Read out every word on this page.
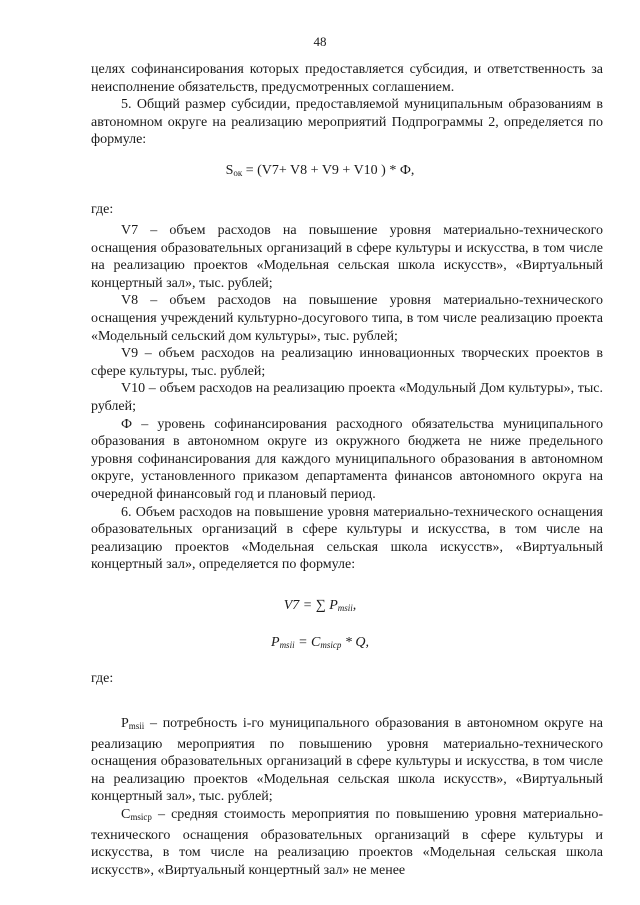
48

целях софинансирования которых предоставляется субсидия, и ответственность за неисполнение обязательств, предусмотренных соглашением.

5. Общий размер субсидии, предоставляемой муниципальным образованиям в автономном округе на реализацию мероприятий Подпрограммы 2, определяется по формуле:

$S_{ок} = (V7+ V8 + V9 + V10$ ) * Ф,
где:

V7 – объем расходов на повышение уровня материально-технического оснащения образовательных организаций в сфере культуры и искусства, в том числе на реализацию проектов «Модельная сельская школа искусств», «Виртуальный концертный зал», тыс. рублей;

V8 – объем расходов на повышение уровня материально-технического оснащения учреждений культурно-досугового типа, в том числе реализацию проекта «Модельный сельский дом культуры», тыс. рублей;

V9 – объем расходов на реализацию инновационных творческих проектов в сфере культуры, тыс. рублей;

V10 – объем расходов на реализацию проекта «Модульный Дом культуры», тыс. рублей;

Ф – уровень софинансирования расходного обязательства муниципального образования в автономном округе из окружного бюджета не ниже предельного уровня софинансирования для каждого муниципального образования в автономном округе, установленного приказом департамента финансов автономного округа на очередной финансовый год и плановый период.

6. Объем расходов на повышение уровня материально-технического оснащения образовательных организаций в сфере культуры и искусства, в том числе на реализацию проектов «Модельная сельская школа искусств», «Виртуальный концертный зал», определяется по формуле:

V7 = ∑ $P_{msii}$,
$P_{msii} = C_{msicp} * Q$,
где:

$P_{msii}$ – потребность i-го муниципального образования в автономном округе на реализацию мероприятия по повышению уровня материально-технического оснащения образовательных организаций в сфере культуры и искусства, в том числе на реализацию проектов «Модельная сельская школа искусств», «Виртуальный концертный зал», тыс. рублей;

$C_{msicp}$ – средняя стоимость мероприятия по повышению уровня материально-технического оснащения образовательных организаций в сфере культуры и искусства, в том числе на реализацию проектов «Модельная сельская школа искусств», «Виртуальный концертный зал» не менее
